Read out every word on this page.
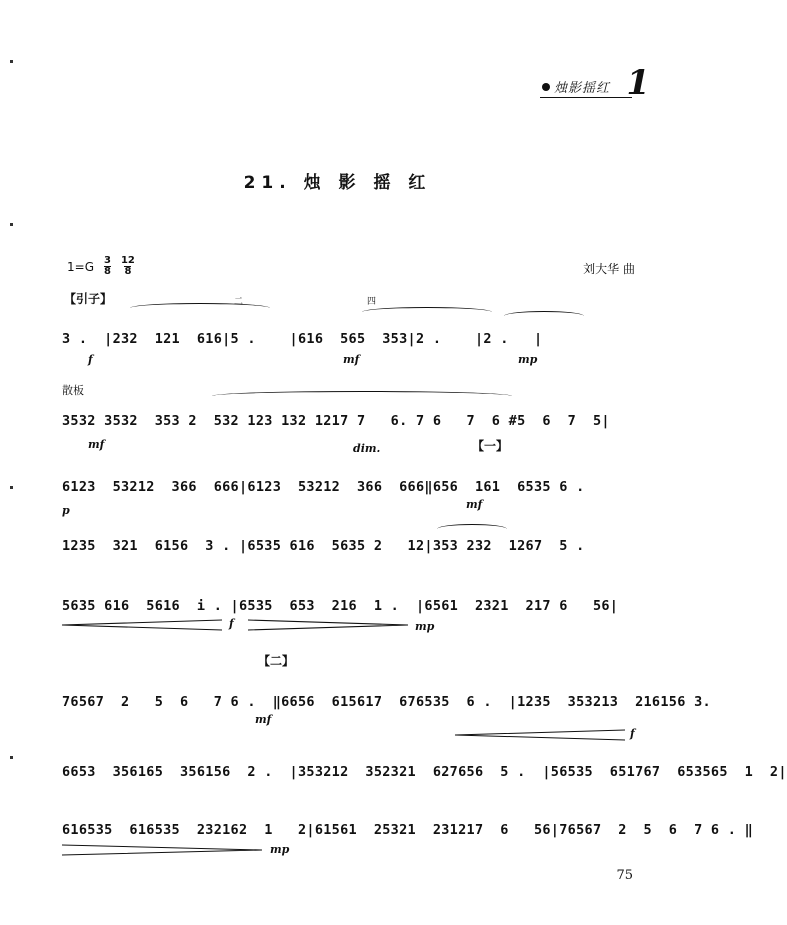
烛影摇红 1
21. 烛 影 摇 红
$1=G \frac{3}{8} \frac{12}{8}$	刘大华 曲
【引子】
散板
【一】
【二】
二	四
3 .  |232  121  616|5 .    |616  565  353|2 .    |2 .   |
f	mf	mp
3532 3532  353 2  532 123 132 1217 7   6. 7 6   7  6 #5  6  7  5|
mf	dim.
6123  53212  366  666|6123  53212  366  666‖656  161  6535 6 .
p	mf
1235  321  6156  3 . |6535 616  5635 2   12|353 232  1267  5 .
5635 616  5616  i . |6535  653  216  1 .  |6561  2321  217 6   56|
f	mp
76567  2   5  6   7 6 .  ‖6656  615617  676535  6 .  |1235  353213  216156 3.
mf
f
6653  356165  356156  2 .  |353212  352321  627656  5 .  |56535  651767  653565  1  2|
616535  616535  232162  1   2|61561  25321  231217  6   56|76567  2  5  6  7 6 . ‖
mp
75
